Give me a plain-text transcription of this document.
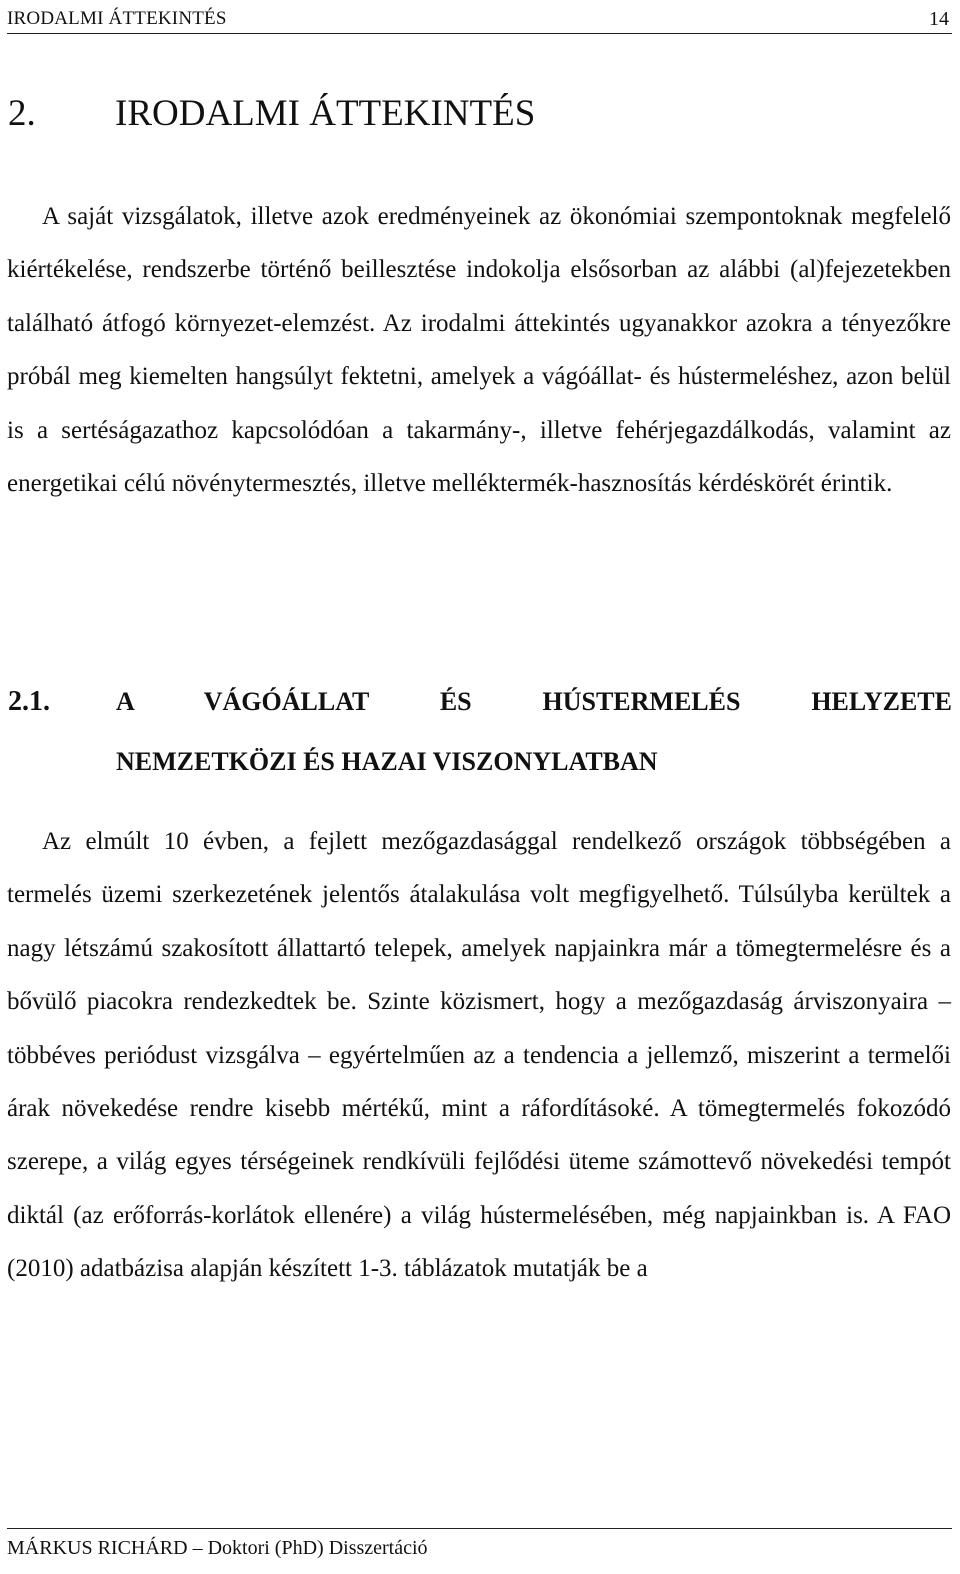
IRODALMI ÁTTEKINTÉS	14
2. IRODALMI ÁTTEKINTÉS

A saját vizsgálatok, illetve azok eredményeinek az ökonómiai szempontoknak megfelelő kiértékelése, rendszerbe történő beillesztése indokolja elsősorban az alábbi (al)fejezetekben található átfogó környezet-elemzést. Az irodalmi áttekintés ugyanakkor azokra a tényezőkre próbál meg kiemelten hangsúlyt fektetni, amelyek a vágóállat- és hústermeléshez, azon belül is a sertéságazathoz kapcsolódóan a takarmány-, illetve fehérjegazdálkodás, valamint az energetikai célú növénytermesztés, illetve melléktermék-hasznosítás kérdéskörét érintik.

2.1.	A VÁGÓÁLLAT ÉS HÚSTERMELÉS HELYZETE
NEMZETKÖZI ÉS HAZAI VISZONYLATBAN

Az elmúlt 10 évben, a fejlett mezőgazdasággal rendelkező országok többségében a termelés üzemi szerkezetének jelentős átalakulása volt megfigyelhető. Túlsúlyba kerültek a nagy létszámú szakosított állattartó telepek, amelyek napjainkra már a tömegtermelésre és a bővülő piacokra rendezkedtek be. Szinte közismert, hogy a mezőgazdaság árviszonyaira – többéves periódust vizsgálva – egyértelműen az a tendencia a jellemző, miszerint a termelői árak növekedése rendre kisebb mértékű, mint a ráfordításoké. A tömegtermelés fokozódó szerepe, a világ egyes térségeinek rendkívüli fejlődési üteme számottevő növekedési tempót diktál (az erőforrás-korlátok ellenére) a világ hústermelésében, még napjainkban is. A FAO (2010) adatbázisa alapján készített 1-3. táblázatok mutatják be a

MÁRKUS RICHÁRD – Doktori (PhD) Disszertáció
